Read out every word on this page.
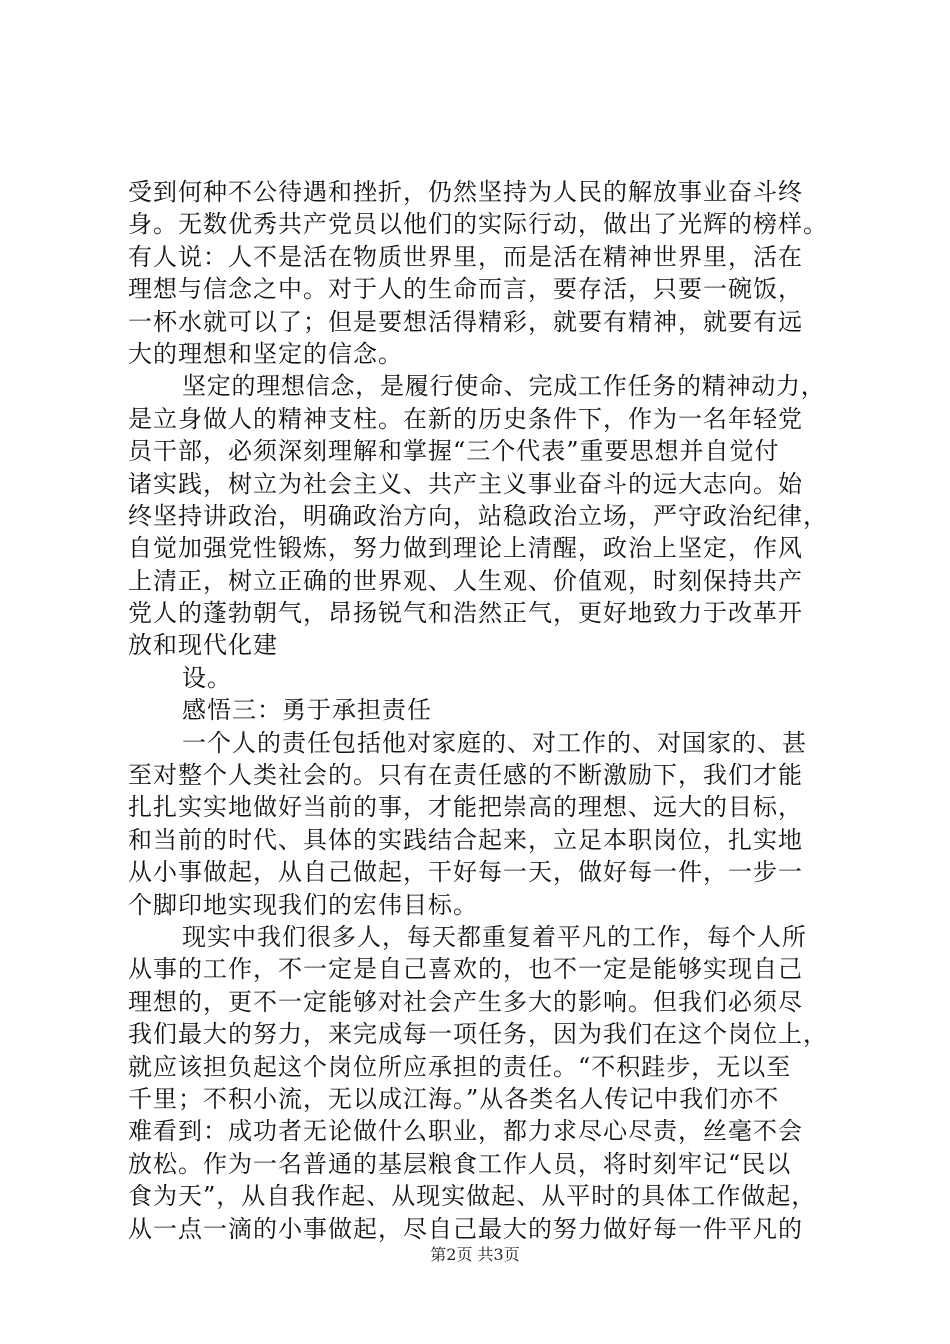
受到何种不公待遇和挫折，仍然坚持为人民的解放事业奋斗终
身。无数优秀共产党员以他们的实际行动，做出了光辉的榜样。
有人说：人不是活在物质世界里，而是活在精神世界里，活在
理想与信念之中。对于人的生命而言，要存活，只要一碗饭，
一杯水就可以了；但是要想活得精彩，就要有精神，就要有远
大的理想和坚定的信念。
坚定的理想信念，是履行使命、完成工作任务的精神动力，
是立身做人的精神支柱。在新的历史条件下，作为一名年轻党
员干部，必须深刻理解和掌握“三个代表”重要思想并自觉付
诸实践，树立为社会主义、共产主义事业奋斗的远大志向。始
终坚持讲政治，明确政治方向，站稳政治立场，严守政治纪律，
自觉加强党性锻炼，努力做到理论上清醒，政治上坚定，作风
上清正，树立正确的世界观、人生观、价值观，时刻保持共产
党人的蓬勃朝气，昂扬锐气和浩然正气，更好地致力于改革开
放和现代化建
设。
感悟三：勇于承担责任
一个人的责任包括他对家庭的、对工作的、对国家的、甚
至对整个人类社会的。只有在责任感的不断激励下，我们才能
扎扎实实地做好当前的事，才能把崇高的理想、远大的目标，
和当前的时代、具体的实践结合起来，立足本职岗位，扎实地
从小事做起，从自己做起，干好每一天，做好每一件，一步一
个脚印地实现我们的宏伟目标。
现实中我们很多人，每天都重复着平凡的工作，每个人所
从事的工作，不一定是自己喜欢的，也不一定是能够实现自己
理想的，更不一定能够对社会产生多大的影响。但我们必须尽
我们最大的努力，来完成每一项任务，因为我们在这个岗位上，
就应该担负起这个岗位所应承担的责任。“不积跬步，无以至
千里；不积小流，无以成江海。”从各类名人传记中我们亦不
难看到：成功者无论做什么职业，都力求尽心尽责，丝毫不会
放松。作为一名普通的基层粮食工作人员，将时刻牢记“民以
食为天”，从自我作起、从现实做起、从平时的具体工作做起，
从一点一滴的小事做起，尽自己最大的努力做好每一件平凡的
第2页 共3页
